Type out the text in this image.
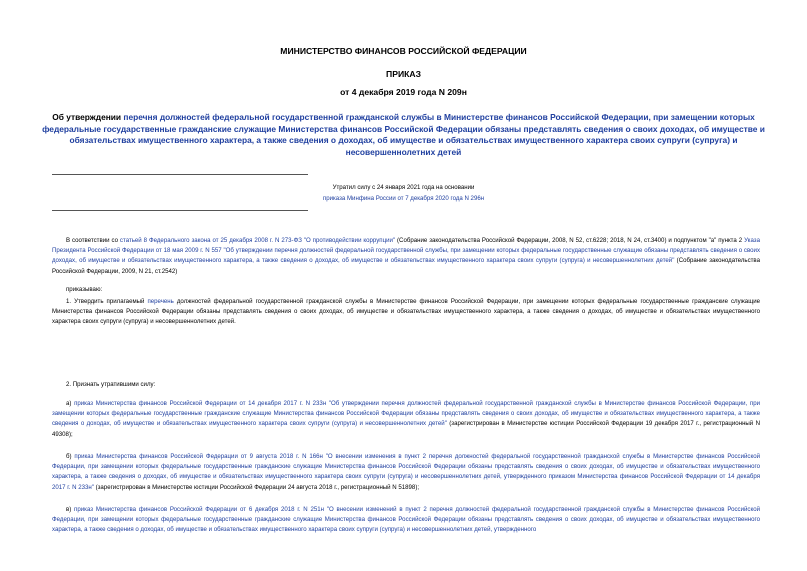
МИНИСТЕРСТВО ФИНАНСОВ РОССИЙСКОЙ ФЕДЕРАЦИИ
ПРИКАЗ
от 4 декабря 2019 года N 209н
Об утверждении перечня должностей федеральной государственной гражданской службы в Министерстве финансов Российской Федерации, при замещении которых федеральные государственные гражданские служащие Министерства финансов Российской Федерации обязаны представлять сведения о своих доходах, об имуществе и обязательствах имущественного характера, а также сведения о доходах, об имуществе и обязательствах имущественного характера своих супруги (супруга) и несовершеннолетних детей
Утратил силу с 24 января 2021 года на основании
приказа Минфина России от 7 декабря 2020 года N 296н
В соответствии со статьей 8 Федерального закона от 25 декабря 2008 г. N 273-ФЗ "О противодействии коррупции" (Собрание законодательства Российской Федерации, 2008, N 52, ст.6228; 2018, N 24, ст.3400) и подпунктом "а" пункта 2 Указа Президента Российской Федерации от 18 мая 2009 г. N 557 "Об утверждении перечня должностей федеральной государственной службы, при замещении которых федеральные государственные служащие обязаны представлять сведения о своих доходах, об имуществе и обязательствах имущественного характера, а также сведения о доходах, об имуществе и обязательствах имущественного характера своих супруги (супруга) и несовершеннолетних детей" (Собрание законодательства Российской Федерации, 2009, N 21, ст.2542)
приказываю:
1. Утвердить прилагаемый перечень должностей федеральной государственной гражданской службы в Министерстве финансов Российской Федерации, при замещении которых федеральные государственные гражданские служащие Министерства финансов Российской Федерации обязаны представлять сведения о своих доходах, об имуществе и обязательствах имущественного характера, а также сведения о доходах, об имуществе и обязательствах имущественного характера своих супруги (супруга) и несовершеннолетних детей.
2. Признать утратившими силу:
а) приказ Министерства финансов Российской Федерации от 14 декабря 2017 г. N 233н "Об утверждении перечня должностей федеральной государственной гражданской службы в Министерстве финансов Российской Федерации, при замещении которых федеральные государственные гражданские служащие Министерства финансов Российской Федерации обязаны представлять сведения о своих доходах, об имуществе и обязательствах имущественного характера, а также сведения о доходах, об имуществе и обязательствах имущественного характера своих супруги (супруга) и несовершеннолетних детей" (зарегистрирован в Министерстве юстиции Российской Федерации 19 декабря 2017 г., регистрационный N 49308);
б) приказ Министерства финансов Российской Федерации от 9 августа 2018 г. N 166н "О внесении изменения в пункт 2 перечня должностей федеральной государственной гражданской службы в Министерстве финансов Российской Федерации, при замещении которых федеральные государственные гражданские служащие Министерства финансов Российской Федерации обязаны представлять сведения о своих доходах, об имуществе и обязательствах имущественного характера, а также сведения о доходах, об имуществе и обязательствах имущественного характера своих супруги (супруга) и несовершеннолетних детей, утвержденного приказом Министерства финансов Российской Федерации от 14 декабря 2017 г. N 233н" (зарегистрирован в Министерстве юстиции Российской Федерации 24 августа 2018 г., регистрационный N 51898);
в) приказ Министерства финансов Российской Федерации от 6 декабря 2018 г. N 251н "О внесении изменений в пункт 2 перечня должностей федеральной государственной гражданской службы в Министерстве финансов Российской Федерации, при замещении которых федеральные государственные гражданские служащие Министерства финансов Российской Федерации обязаны представлять сведения о своих доходах, об имуществе и обязательствах имущественного характера, а также сведения о доходах, об имуществе и обязательствах имущественного характера своих супруги (супруга) и несовершеннолетних детей, утвержденного
